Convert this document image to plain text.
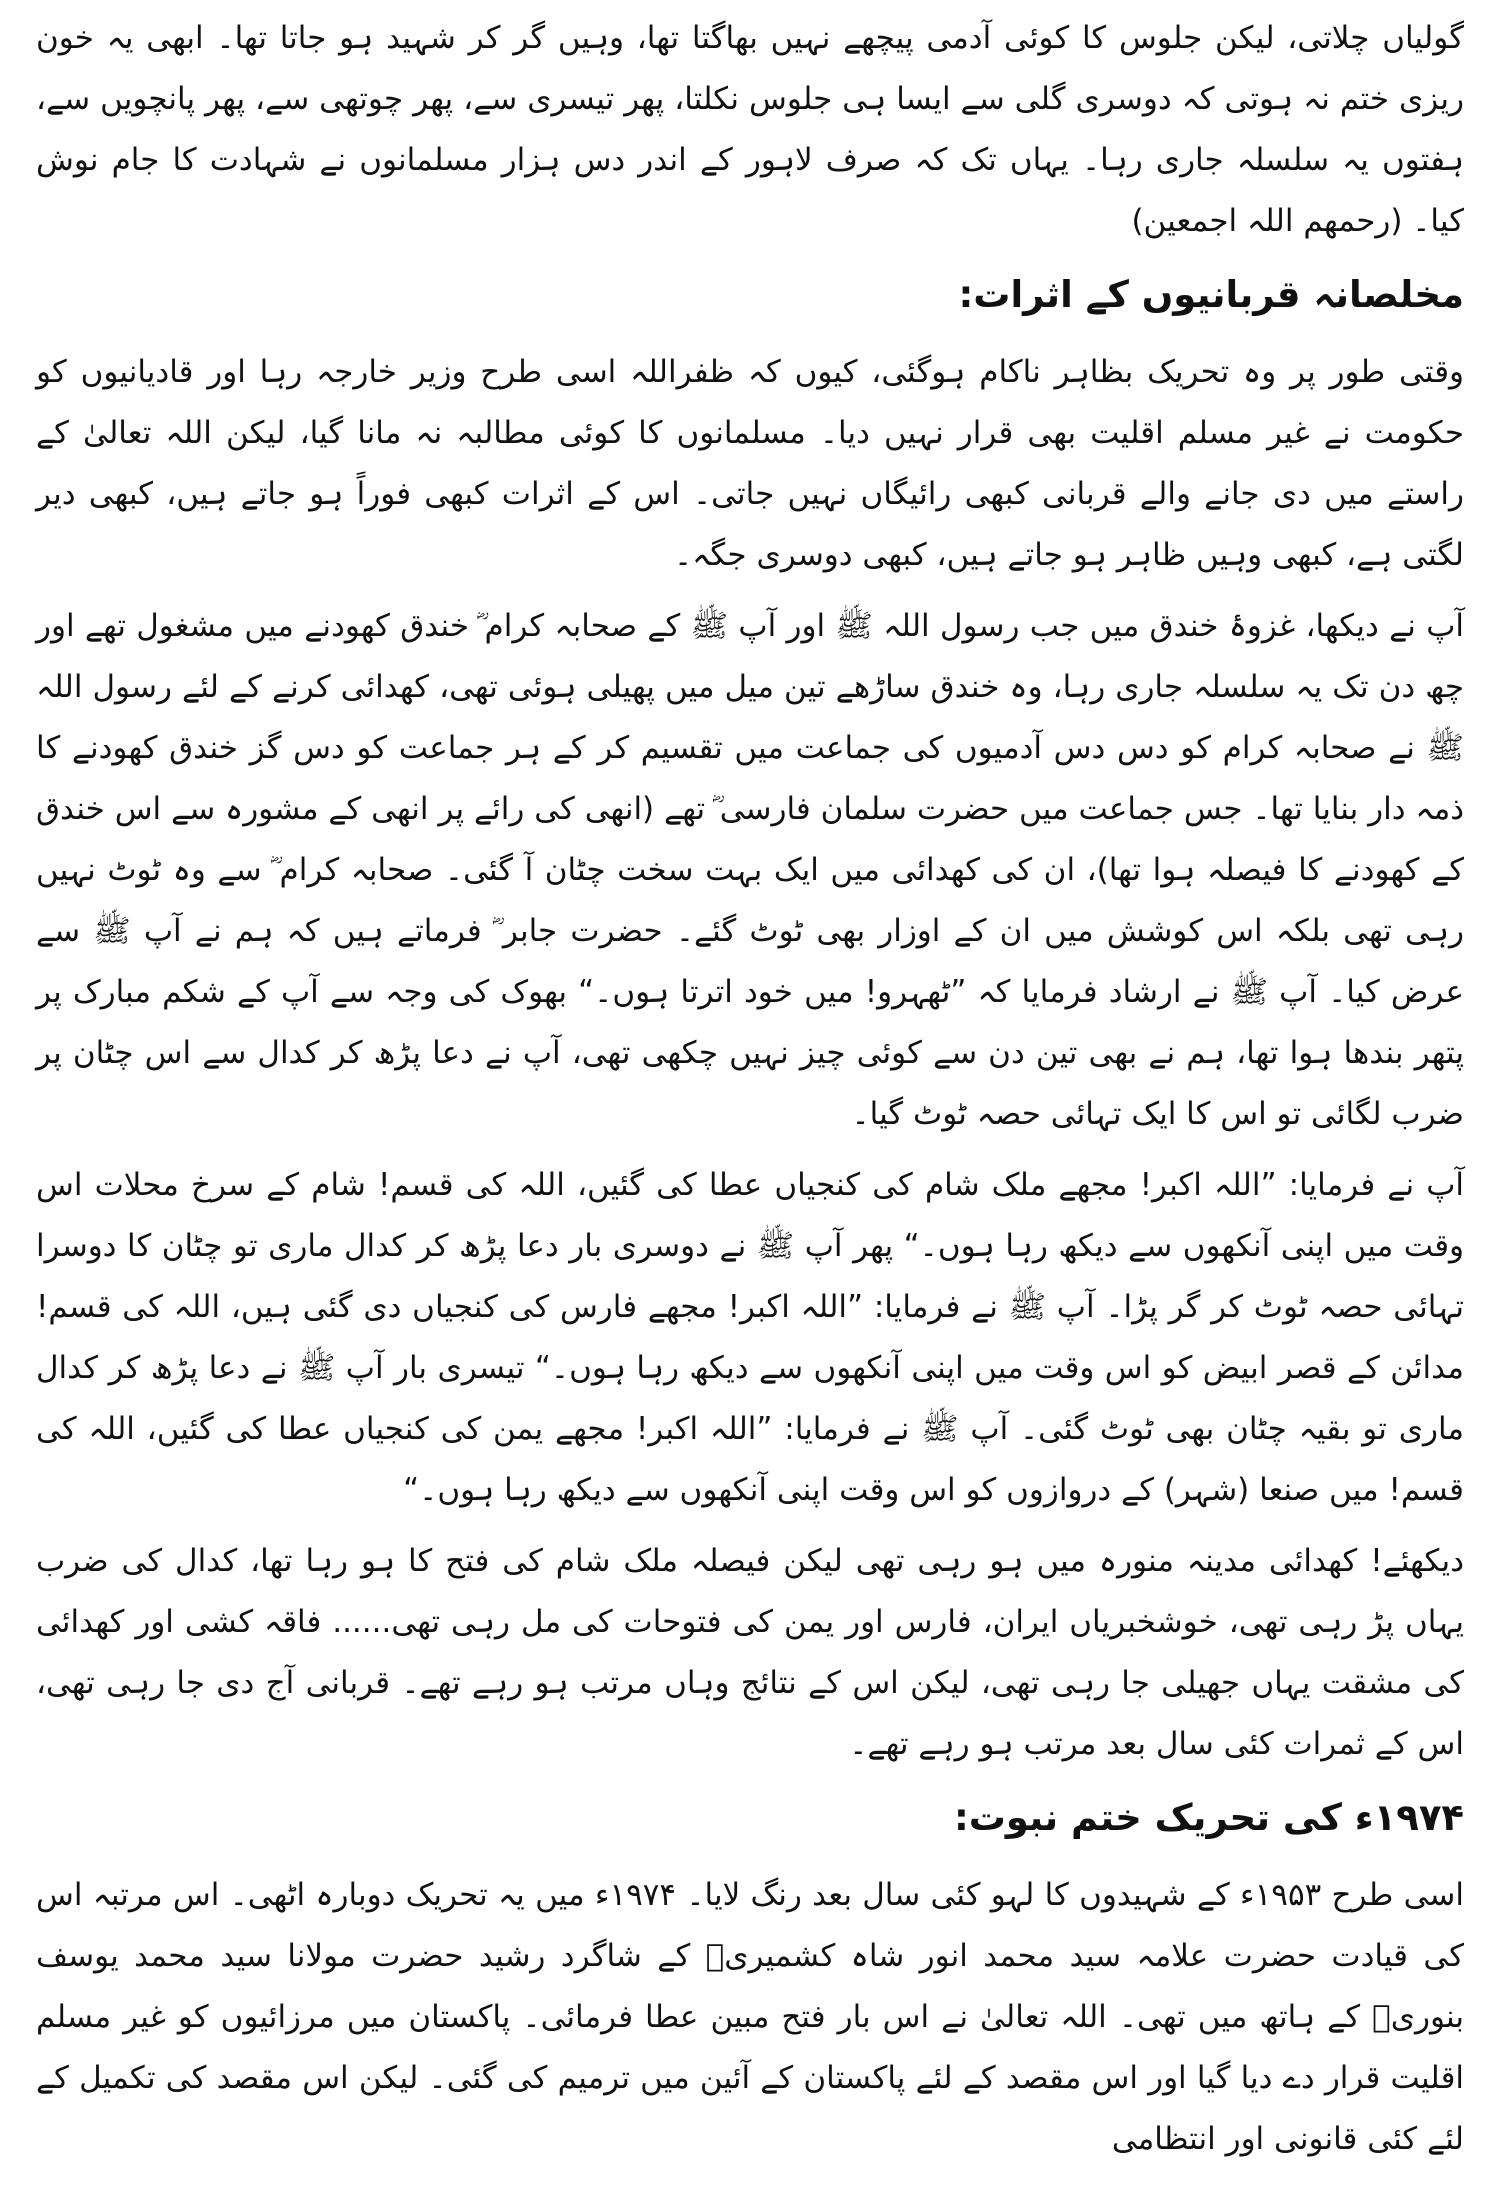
گولیاں چلاتی، لیکن جلوس کا کوئی آدمی پیچھے نہیں بھاگتا تھا، وہیں گر کر شہید ہو جاتا تھا۔ ابھی یہ خون ریزی ختم نہ ہوتی کہ دوسری گلی سے ایسا ہی جلوس نکلتا، پھر تیسری سے، پھر چوتھی سے، پھر پانچویں سے، ہفتوں یہ سلسلہ جاری رہا۔ یہاں تک کہ صرف لاہور کے اندر دس ہزار مسلمانوں نے شہادت کا جام نوش کیا۔ (رحمھم اللہ اجمعین)

مخلصانہ قربانیوں کے اثرات:

وقتی طور پر وہ تحریک بظاہر ناکام ہوگئی، کیوں کہ ظفراللہ اسی طرح وزیر خارجہ رہا اور قادیانیوں کو حکومت نے غیر مسلم اقلیت بھی قرار نہیں دیا۔ مسلمانوں کا کوئی مطالبہ نہ مانا گیا، لیکن اللہ تعالیٰ کے راستے میں دی جانے والے قربانی کبھی رائیگاں نہیں جاتی۔ اس کے اثرات کبھی فوراً ہو جاتے ہیں، کبھی دیر لگتی ہے، کبھی وہیں ظاہر ہو جاتے ہیں، کبھی دوسری جگہ۔

آپ نے دیکھا، غزوۂ خندق میں جب رسول اللہ ﷺ اور آپ ﷺ کے صحابہ کرام ؓ خندق کھودنے میں مشغول تھے اور چھ دن تک یہ سلسلہ جاری رہا، وہ خندق ساڑھے تین میل میں پھیلی ہوئی تھی، کھدائی کرنے کے لئے رسول اللہ ﷺ نے صحابہ کرام کو دس دس آدمیوں کی جماعت میں تقسیم کر کے ہر جماعت کو دس گز خندق کھودنے کا ذمہ دار بنایا تھا۔ جس جماعت میں حضرت سلمان فارسی ؓ تھے (انھی کی رائے پر انھی کے مشورہ سے اس خندق کے کھودنے کا فیصلہ ہوا تھا)، ان کی کھدائی میں ایک بہت سخت چٹان آ گئی۔ صحابہ کرام ؓ سے وہ ٹوٹ نہیں رہی تھی بلکہ اس کوشش میں ان کے اوزار بھی ٹوٹ گئے۔ حضرت جابر ؓ فرماتے ہیں کہ ہم نے آپ ﷺ سے عرض کیا۔ آپ ﷺ نے ارشاد فرمایا کہ ”ٹھہرو! میں خود اترتا ہوں۔“ بھوک کی وجہ سے آپ کے شکم مبارک پر پتھر بندھا ہوا تھا، ہم نے بھی تین دن سے کوئی چیز نہیں چکھی تھی، آپ نے دعا پڑھ کر کدال سے اس چٹان پر ضرب لگائی تو اس کا ایک تہائی حصہ ٹوٹ گیا۔

آپ نے فرمایا: ”اللہ اکبر! مجھے ملک شام کی کنجیاں عطا کی گئیں، اللہ کی قسم! شام کے سرخ محلات اس وقت میں اپنی آنکھوں سے دیکھ رہا ہوں۔“ پھر آپ ﷺ نے دوسری بار دعا پڑھ کر کدال ماری تو چٹان کا دوسرا تہائی حصہ ٹوٹ کر گر پڑا۔ آپ ﷺ نے فرمایا: ”اللہ اکبر! مجھے فارس کی کنجیاں دی گئی ہیں، اللہ کی قسم! مدائن کے قصر ابیض کو اس وقت میں اپنی آنکھوں سے دیکھ رہا ہوں۔“ تیسری بار آپ ﷺ نے دعا پڑھ کر کدال ماری تو بقیہ چٹان بھی ٹوٹ گئی۔ آپ ﷺ نے فرمایا: ”اللہ اکبر! مجھے یمن کی کنجیاں عطا کی گئیں، اللہ کی قسم! میں صنعا (شہر) کے دروازوں کو اس وقت اپنی آنکھوں سے دیکھ رہا ہوں۔“

دیکھئے! کھدائی مدینہ منورہ میں ہو رہی تھی لیکن فیصلہ ملک شام کی فتح کا ہو رہا تھا، کدال کی ضرب یہاں پڑ رہی تھی، خوشخبریاں ایران، فارس اور یمن کی فتوحات کی مل رہی تھی...... فاقہ کشی اور کھدائی کی مشقت یہاں جھیلی جا رہی تھی، لیکن اس کے نتائج وہاں مرتب ہو رہے تھے۔ قربانی آج دی جا رہی تھی، اس کے ثمرات کئی سال بعد مرتب ہو رہے تھے۔

۱۹۷۴ء کی تحریک ختم نبوت:

اسی طرح ۱۹۵۳ء کے شہیدوں کا لہو کئی سال بعد رنگ لایا۔ ۱۹۷۴ء میں یہ تحریک دوبارہ اٹھی۔ اس مرتبہ اس کی قیادت حضرت علامہ سید محمد انور شاہ کشمیریؒ کے شاگرد رشید حضرت مولانا سید محمد یوسف بنوریؒ کے ہاتھ میں تھی۔ اللہ تعالیٰ نے اس بار فتح مبین عطا فرمائی۔ پاکستان میں مرزائیوں کو غیر مسلم اقلیت قرار دے دیا گیا اور اس مقصد کے لئے پاکستان کے آئین میں ترمیم کی گئی۔ لیکن اس مقصد کی تکمیل کے لئے کئی قانونی اور انتظامی
